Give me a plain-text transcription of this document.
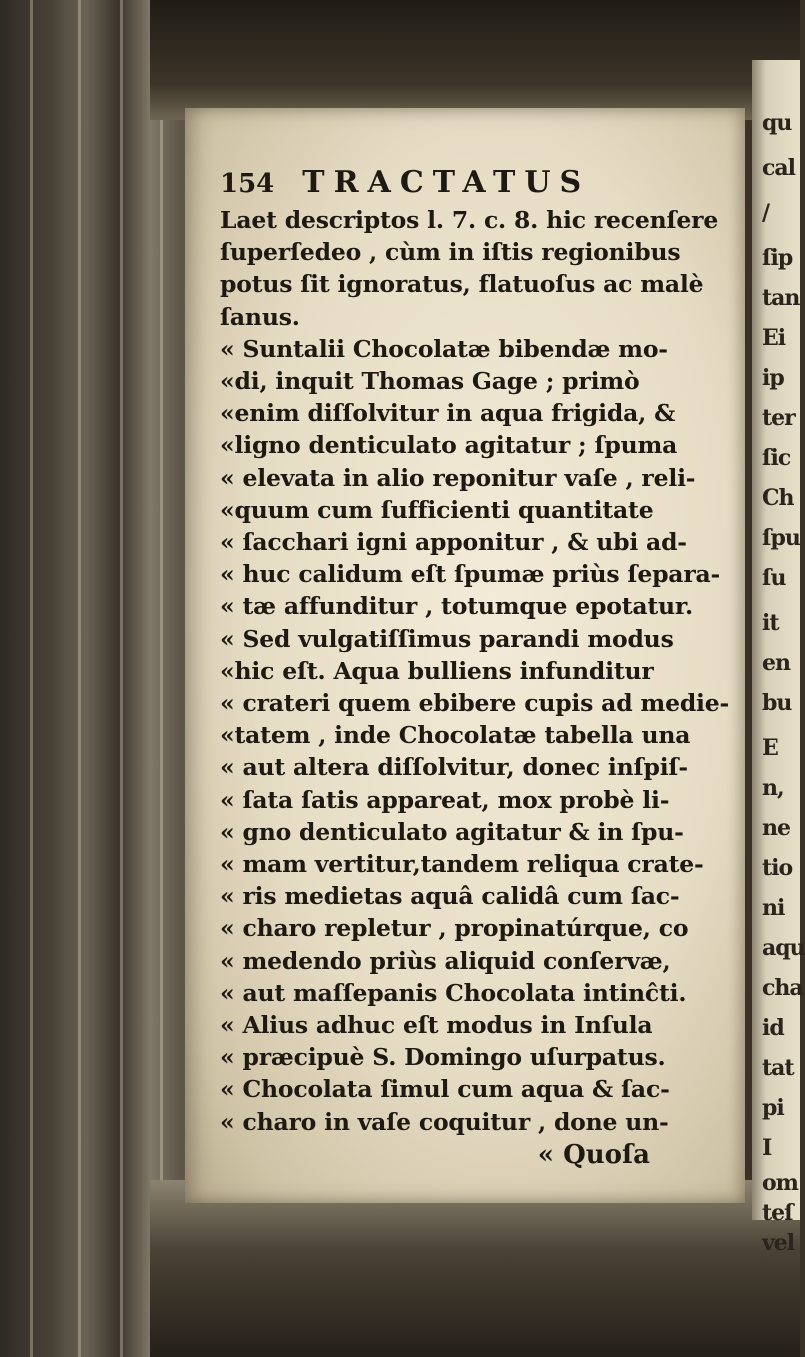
qu
cal
/
ſip
tan
Ei
ip
ter
ſic
Ch
ſpu
ſu
it
en
bu
E
n,
ne
tio
ni
aqu
cha
id
tat
pi
I
om
teſ
vel
154 TRACTATUS
Laet descriptos l. 7. c. 8. hic recenſere
ſuperſedeo , cùm in iſtis regionibus
potus ſit ignoratus, flatuoſus ac malè
ſanus.
« Suntalii Chocolatæ bibendæ mo-
«di, inquit Thomas Gage ; primò
«enim diſſolvitur in aqua frigida, &
«ligno denticulato agitatur ; ſpuma
« elevata in alio reponitur vaſe , reli-
«quum cum ſufficienti quantitate
« ſacchari igni apponitur , & ubi ad-
« huc calidum eſt ſpumæ priùs ſepara-
« tæ affunditur , totumque epotatur.
« Sed vulgatiſſimus parandi modus
«hic eſt. Aqua bulliens infunditur
« crateri quem ebibere cupis ad medie-
«tatem , inde Chocolatæ tabella una
« aut altera diſſolvitur, donec inſpiſ-
« ſata ſatis appareat, mox probè li-
« gno denticulato agitatur & in ſpu-
« mam vertitur,tandem reliqua crate-
« ris medietas aquâ calidâ cum ſac-
« charo repletur , propinatúrque, co
« medendo priùs aliquid conſervæ,
« aut maſſepanis Chocolata intinĉti.
« Alius adhuc eſt modus in Inſula
« præcipuè S. Domingo uſurpatus.
« Chocolata ſimul cum aqua & ſac-
« charo in vaſe coquitur , done un-
« Quoſa
